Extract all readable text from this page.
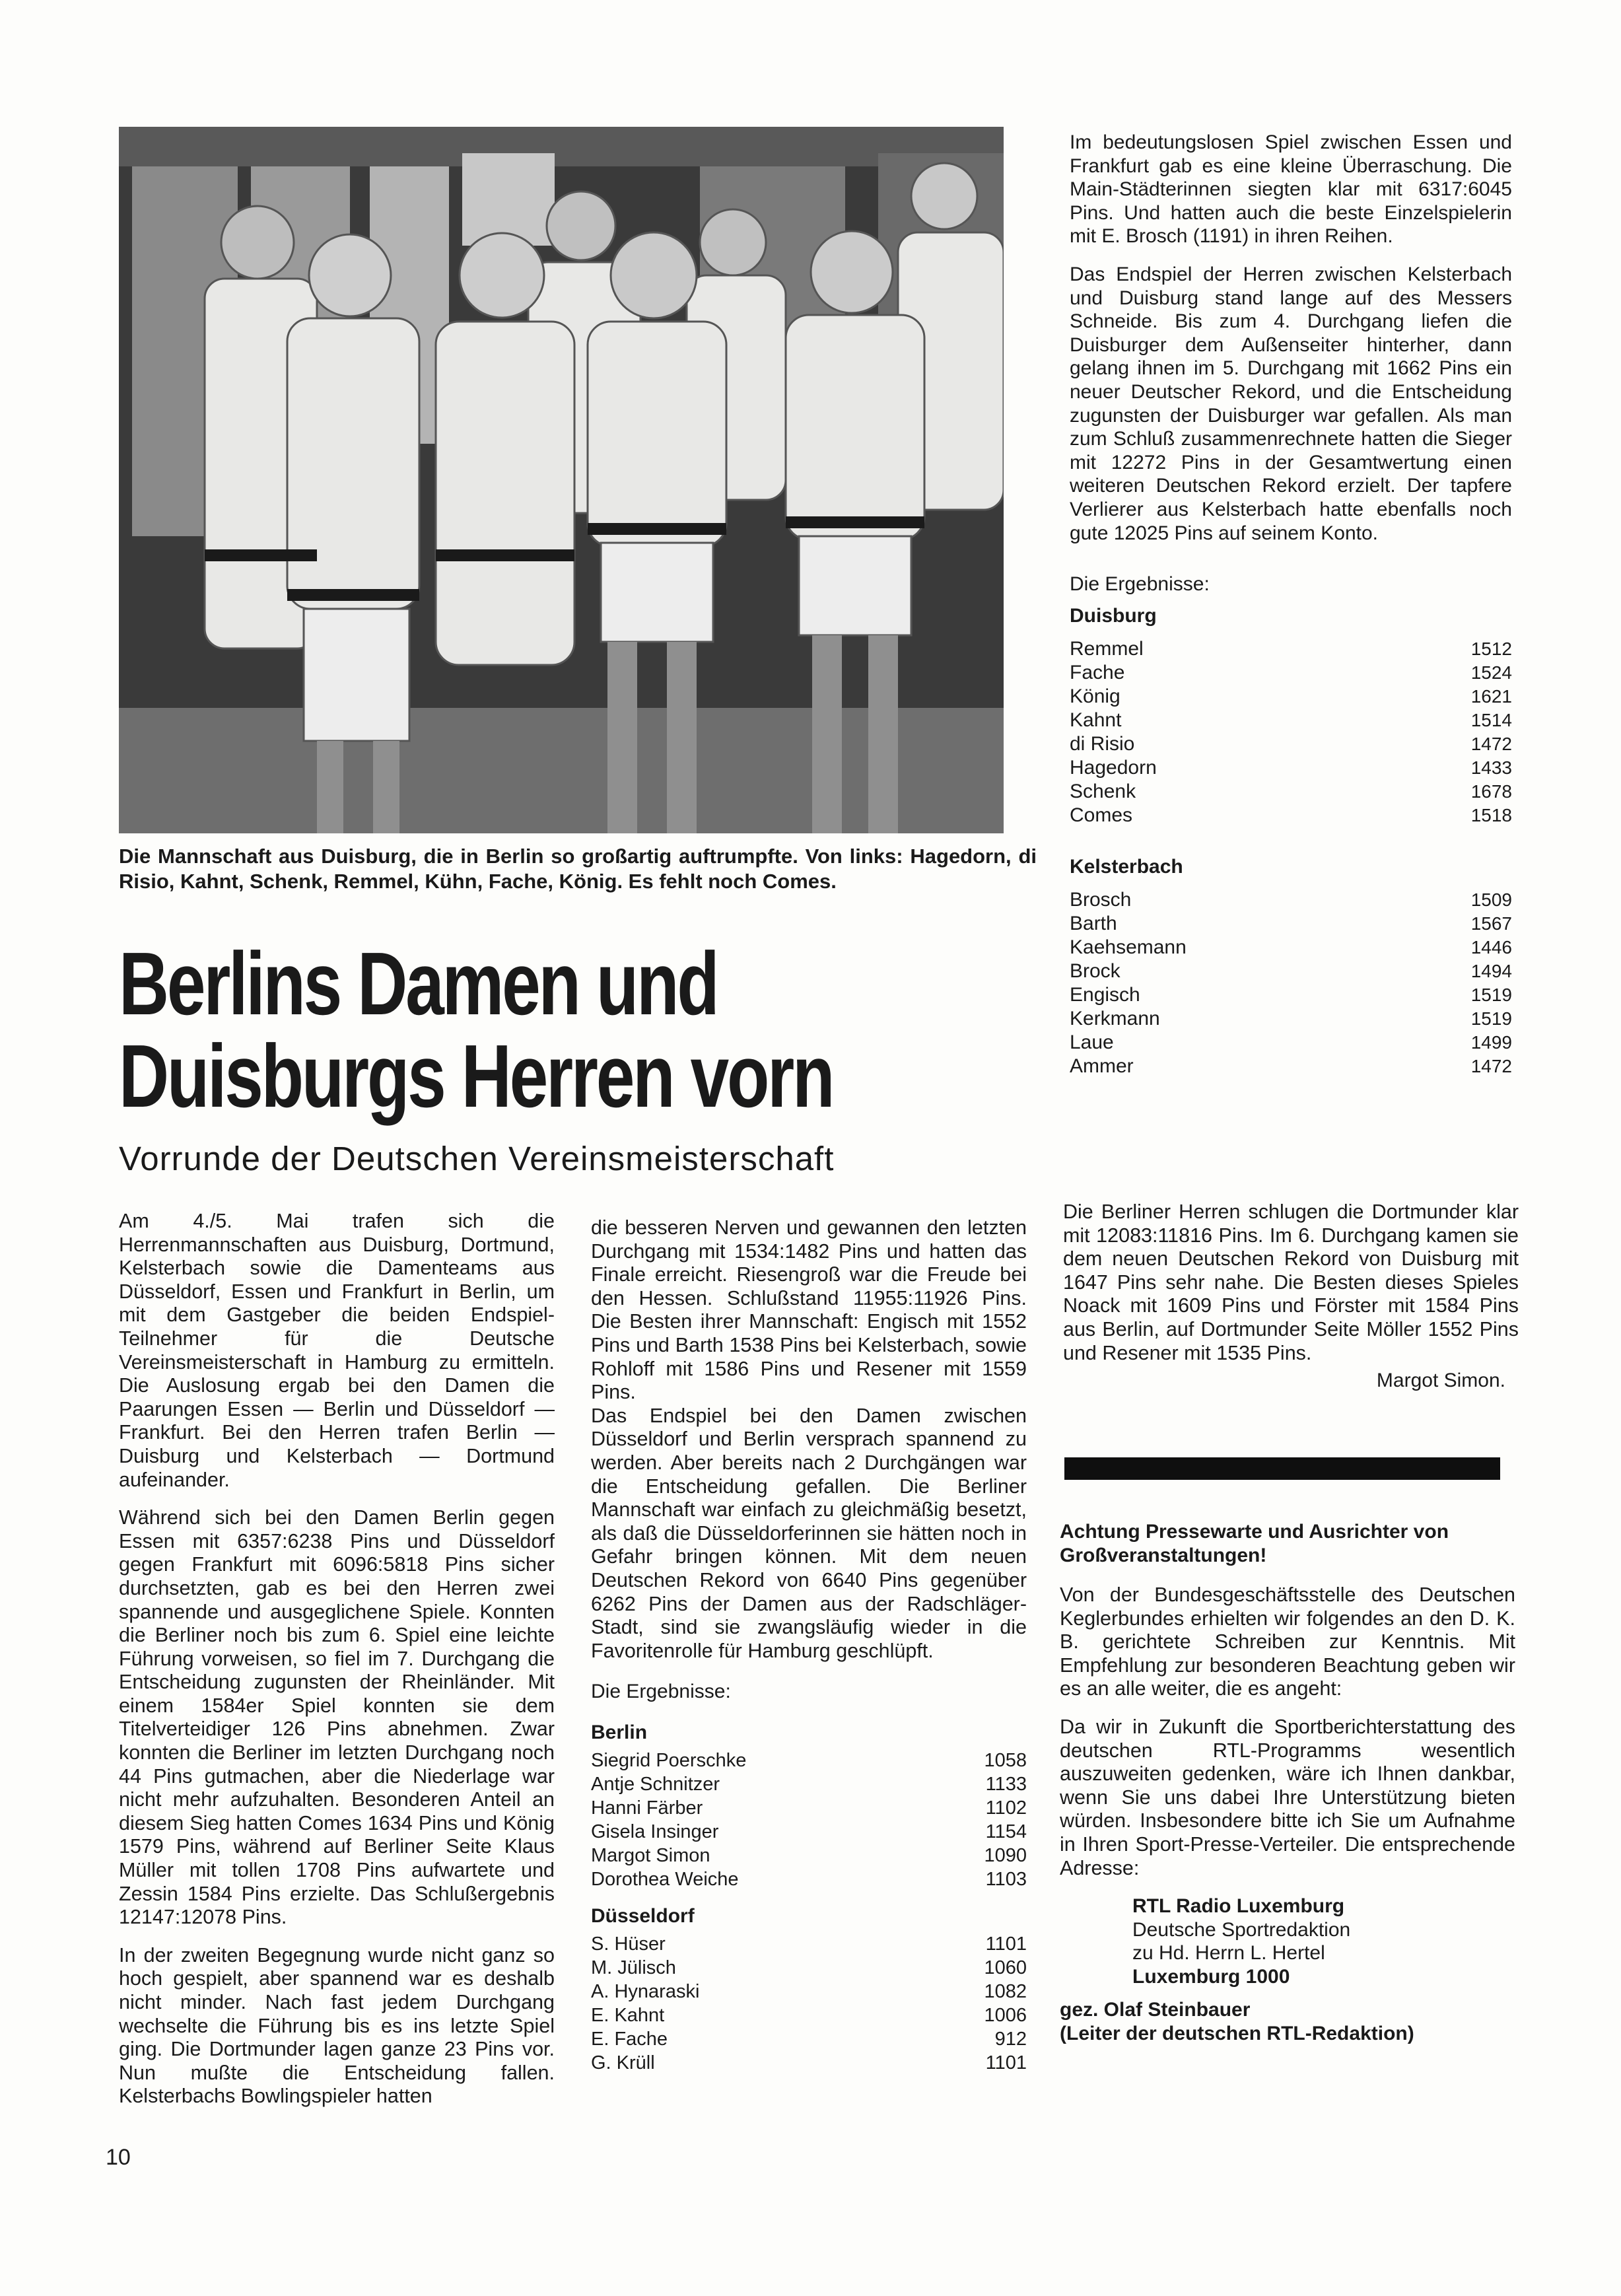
Die Mannschaft aus Duisburg, die in Berlin so großartig auftrumpfte. Von links: Hagedorn, di Risio, Kahnt, Schenk, Remmel, Kühn, Fache, König. Es fehlt noch Comes.

Im bedeutungslosen Spiel zwischen Essen und Frankfurt gab es eine kleine Überraschung. Die Main-Städterinnen siegten klar mit 6317:6045 Pins. Und hatten auch die beste Einzelspielerin mit E. Brosch (1191) in ihren Reihen.

Das Endspiel der Herren zwischen Kelsterbach und Duisburg stand lange auf des Messers Schneide. Bis zum 4. Durchgang liefen die Duisburger dem Außenseiter hinterher, dann gelang ihnen im 5. Durchgang mit 1662 Pins ein neuer Deutscher Rekord, und die Entscheidung zugunsten der Duisburger war gefallen. Als man zum Schluß zusammenrechnete hatten die Sieger mit 12272 Pins in der Gesamtwertung einen weiteren Deutschen Rekord erzielt. Der tapfere Verlierer aus Kelsterbach hatte ebenfalls noch gute 12025 Pins auf seinem Konto.

Die Ergebnisse:
Duisburg
Remmel	1512
Fache	1524
König	1621
Kahnt	1514
di Risio	1472
Hagedorn	1433
Schenk	1678
Comes	1518
Kelsterbach
Brosch	1509
Barth	1567
Kaehsemann	1446
Brock	1494
Engisch	1519
Kerkmann	1519
Laue	1499
Ammer	1472
Berlins Damen und
Duisburgs Herren vorn
Vorrunde der Deutschen Vereinsmeisterschaft

Am 4./5. Mai trafen sich die Herrenmannschaften aus Duisburg, Dortmund, Kelsterbach sowie die Damenteams aus Düsseldorf, Essen und Frankfurt in Berlin, um mit dem Gastgeber die beiden Endspiel-Teilnehmer für die Deutsche Vereinsmeisterschaft in Hamburg zu ermitteln. Die Auslosung ergab bei den Damen die Paarungen Essen — Berlin und Düsseldorf — Frankfurt. Bei den Herren trafen Berlin — Duisburg und Kelsterbach — Dortmund aufeinander.

Während sich bei den Damen Berlin gegen Essen mit 6357:6238 Pins und Düsseldorf gegen Frankfurt mit 6096:5818 Pins sicher durchsetzten, gab es bei den Herren zwei spannende und ausgeglichene Spiele. Konnten die Berliner noch bis zum 6. Spiel eine leichte Führung vorweisen, so fiel im 7. Durchgang die Entscheidung zugunsten der Rheinländer. Mit einem 1584er Spiel konnten sie dem Titelverteidiger 126 Pins abnehmen. Zwar konnten die Berliner im letzten Durchgang noch 44 Pins gutmachen, aber die Niederlage war nicht mehr aufzuhalten. Besonderen Anteil an diesem Sieg hatten Comes 1634 Pins und König 1579 Pins, während auf Berliner Seite Klaus Müller mit tollen 1708 Pins aufwartete und Zessin 1584 Pins erzielte. Das Schlußergebnis 12147:12078 Pins.

In der zweiten Begegnung wurde nicht ganz so hoch gespielt, aber spannend war es deshalb nicht minder. Nach fast jedem Durchgang wechselte die Führung bis es ins letzte Spiel ging. Die Dortmunder lagen ganze 23 Pins vor. Nun mußte die Entscheidung fallen. Kelsterbachs Bowlingspieler hatten

die besseren Nerven und gewannen den letzten Durchgang mit 1534:1482 Pins und hatten das Finale erreicht. Riesengroß war die Freude bei den Hessen. Schlußstand 11955:11926 Pins. Die Besten ihrer Mannschaft: Engisch mit 1552 Pins und Barth 1538 Pins bei Kelsterbach, sowie Rohloff mit 1586 Pins und Resener mit 1559 Pins.

Das Endspiel bei den Damen zwischen Düsseldorf und Berlin versprach spannend zu werden. Aber bereits nach 2 Durchgängen war die Entscheidung gefallen. Die Berliner Mannschaft war einfach zu gleichmäßig besetzt, als daß die Düsseldorferinnen sie hätten noch in Gefahr bringen können. Mit dem neuen Deutschen Rekord von 6640 Pins gegenüber 6262 Pins der Damen aus der Radschläger-Stadt, sind sie zwangsläufig wieder in die Favoritenrolle für Hamburg geschlüpft.

Die Ergebnisse:
Berlin
Siegrid Poerschke	1058
Antje Schnitzer	1133
Hanni Färber	1102
Gisela Insinger	1154
Margot Simon	1090
Dorothea Weiche	1103
Düsseldorf
S. Hüser	1101
M. Jülisch	1060
A. Hynaraski	1082
E. Kahnt	1006
E. Fache	912
G. Krüll	1101

Die Berliner Herren schlugen die Dortmunder klar mit 12083:11816 Pins. Im 6. Durchgang kamen sie dem neuen Deutschen Rekord von Duisburg mit 1647 Pins sehr nahe. Die Besten dieses Spieles Noack mit 1609 Pins und Förster mit 1584 Pins aus Berlin, auf Dortmunder Seite Möller 1552 Pins und Resener mit 1535 Pins.

Margot Simon.
Achtung Pressewarte und Ausrichter von Großveranstaltungen!

Von der Bundesgeschäftsstelle des Deutschen Keglerbundes erhielten wir folgendes an den D. K. B. gerichtete Schreiben zur Kenntnis. Mit Empfehlung zur besonderen Beachtung geben wir es an alle weiter, die es angeht:

Da wir in Zukunft die Sportberichterstattung des deutschen RTL-Programms wesentlich auszuweiten gedenken, wäre ich Ihnen dankbar, wenn Sie uns dabei Ihre Unterstützung bieten würden. Insbesondere bitte ich Sie um Aufnahme in Ihren Sport-Presse-Verteiler. Die entsprechende Adresse:

RTL Radio Luxemburg
Deutsche Sportredaktion
zu Hd. Herrn L. Hertel
Luxemburg 1000
gez. Olaf Steinbauer
(Leiter der deutschen RTL-Redaktion)
10
